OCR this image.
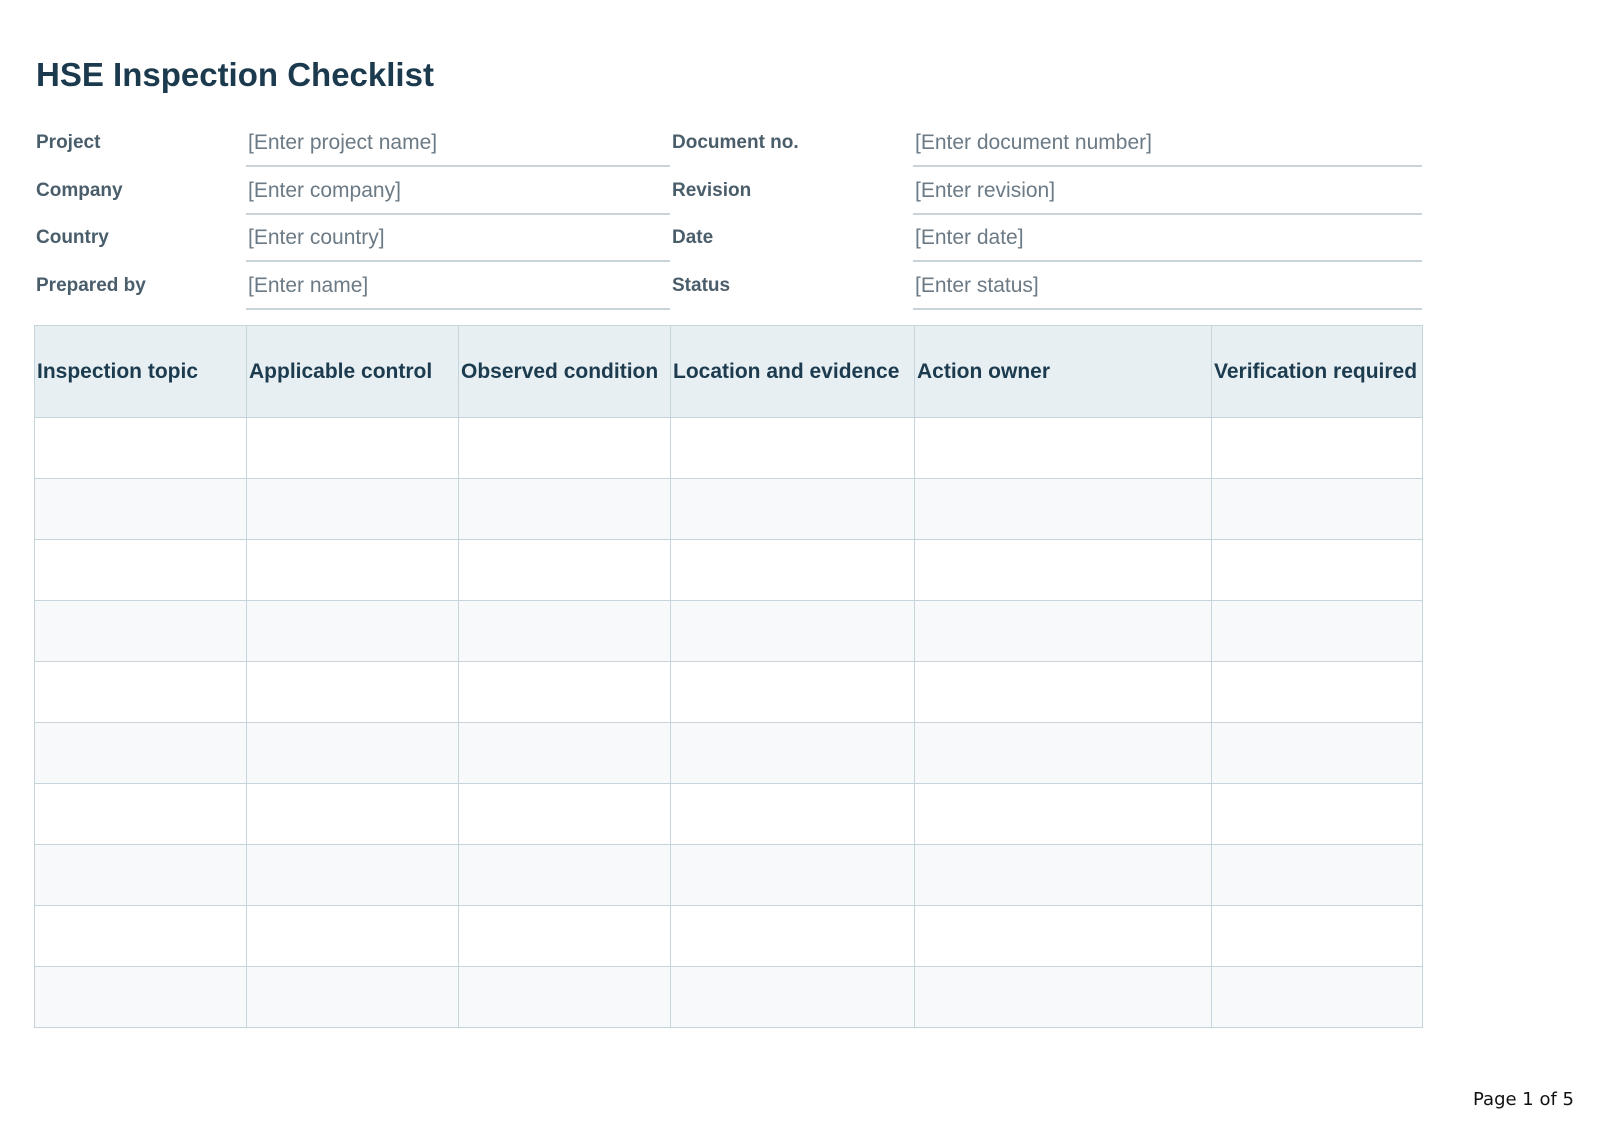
HSE Inspection Checklist
Project	[Enter project name]	Document no.	[Enter document number]
Company	[Enter company]	Revision	[Enter revision]
Country	[Enter country]	Date	[Enter date]
Prepared by	[Enter name]	Status	[Enter status]
Inspection topic	Applicable control	Observed condition	Location and evidence	Action owner	Verification required

Page 1 of 5
